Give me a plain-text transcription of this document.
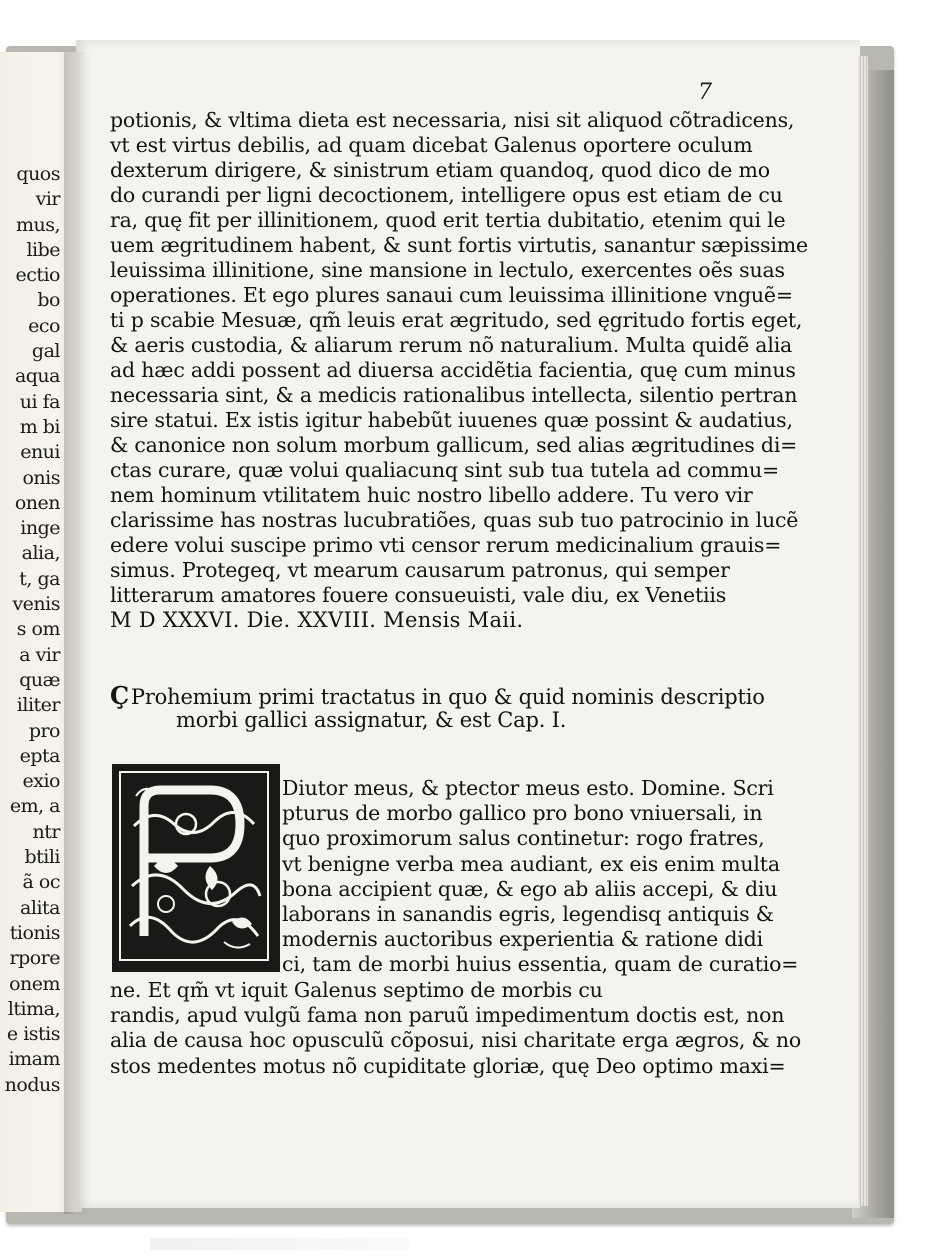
quos
vir
mus,
libe
ectio
bo
eco
gal
aqua
ui fa
m bi
enui
onis
onen
inge
alia,
t, ga
venis
s om
a vir
quæ
iliter
pro
epta
exio
em, a
ntr
btili
ã oc
alita
tionis
rpore
onem
ltima,
e istis
imam
nodus
7
potionis, & vltima dieta est necessaria, nisi sit aliquod cõtradicens,
vt est virtus debilis, ad quam dicebat Galenus oportere oculum
dexterum dirigere, & sinistrum etiam quandoq, quod dico de mo
do curandi per ligni decoctionem, intelligere opus est etiam de cu
ra, quę fit per illinitionem, quod erit tertia dubitatio, etenim qui le
uem ægritudinem habent, & sunt fortis virtutis, sanantur sæpissime
leuissima illinitione, sine mansione in lectulo, exercentes oẽs suas
operationes. Et ego plures sanaui cum leuissima illinitione vnguẽ=
ti p scabie Mesuæ, qm̃ leuis erat ægritudo, sed ęgritudo fortis eget,
& aeris custodia, & aliarum rerum nõ naturalium. Multa quidẽ alia
ad hæc addi possent ad diuersa accidẽtia facientia, quę cum minus
necessaria sint, & a medicis rationalibus intellecta, silentio pertran
sire statui. Ex istis igitur habebũt iuuenes quæ possint & audatius,
& canonice non solum morbum gallicum, sed alias ægritudines di=
ctas curare, quæ volui qualiacunq sint sub tua tutela ad commu=
nem hominum vtilitatem huic nostro libello addere. Tu vero vir
clarissime has nostras lucubratiões, quas sub tuo patrocinio in lucẽ
edere volui suscipe primo vti censor rerum medicinalium grauis=
simus. Protegeq, vt mearum causarum patronus, qui semper
litterarum amatores fouere consueuisti, vale diu, ex Venetiis
M D XXXVI. Die. XXVIII. Mensis Maii.
ÇProhemium primi tractatus in quo & quid nominis descriptio
morbi gallici assignatur, & est Cap. I.
Diutor meus, & ptector meus esto. Domine. Scri
pturus de morbo gallico pro bono vniuersali, in
quo proximorum salus continetur: rogo fratres,
vt benigne verba mea audiant, ex eis enim multa
bona accipient quæ, & ego ab aliis accepi, & diu
laborans in sanandis egris, legendisq antiquis &
modernis auctoribus experientia & ratione didi
ci, tam de morbi huius essentia, quam de curatio=
ne. Et qm̃ vt iquit Galenus septimo de morbis cu
randis, apud vulgũ fama non paruũ impedimentum doctis est, non
alia de causa hoc opusculũ cõposui, nisi charitate erga ægros, & no
stos medentes motus nõ cupiditate gloriæ, quę Deo optimo maxi=
